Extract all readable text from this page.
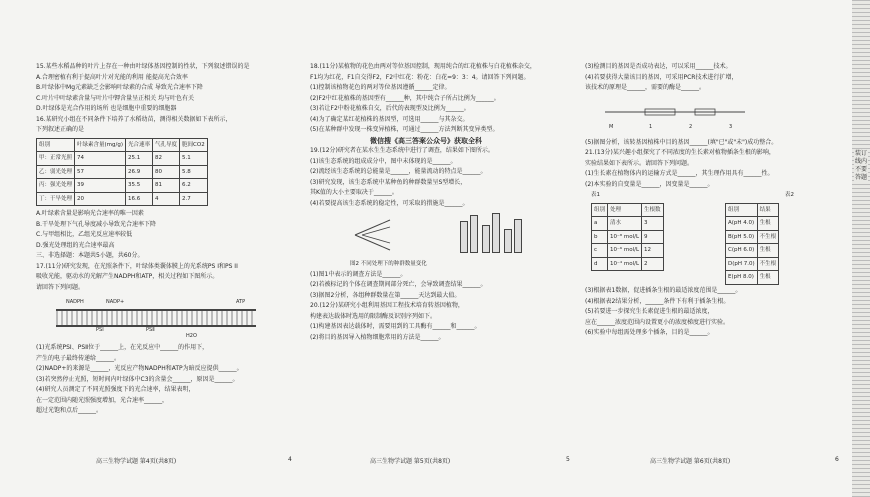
15.某些水稻品种的叶片上存在一种由叶绿体基因控制的性状，下列叙述错误的是
A.合理密植有利于提高叶片对光能的利用 能提高光合效率
B.叶绿体中Mg元素缺乏会影响叶绿素的合成 导致光合速率下降
C.叶片中叶绿素含量与叶片中钾含量呈正相关 均与叶色有关
D.叶绿体是光合作用的场所 也是细胞中重要的细胞器
16.某研究小组在不同条件下培养了水稻幼苗，测得相关数据如下表所示，
下列叙述正确的是
组别	叶绿素含量(mg/g)	光合速率	气孔导度	胞间CO2
甲：正常光照	74	25.1	82	5.1
乙：弱光处理	57	26.9	80	5.8
丙：强光处理	39	35.5	81	6.2
丁：干旱处理	20	16.6	4	2.7
A.叶绿素含量是影响光合速率的唯一因素
B.干旱处理下气孔导度减小导致光合速率下降
C.与甲组相比，乙组光反应速率较低
D.强光处理组的光合速率最高
三、非选择题：本题共5小题，共60分。
17.(11分)研究发现，在光照条件下，叶绿体类囊体膜上的光系统PS I和PS II
吸收光能，驱动水的光解产生NADPH和ATP，相关过程如下图所示。
请回答下列问题。
NADPH	NADP+
PSⅡ
PSⅠ
H2O
ATP
(1)光系统PSⅠ、PSⅡ位于______上，在光反应中______的作用下，
产生的电子最终传递给______。
(2)NADP+的来源是______，光反应产物NADPH和ATP为暗反应提供______。
(3)若突然停止光照，短时间内叶绿体中C3的含量会______，原因是______。
(4)研究人员测定了不同光照强度下的光合速率，结果表明，
在一定范围内随光照强度增加，光合速率______，
超过光饱和点后______。
高三生物学试题 第4页(共8页)	4
18.(11分)某植物的花色由两对等位基因控制，现用纯合的红花植株与白花植株杂交，
F1均为红花，F1自交得F2，F2中红花：粉花：白花=9：3：4。请回答下列问题。
(1)控制该植物花色的两对等位基因遵循______定律。
(2)F2中红花植株的基因型有______种，其中纯合子所占比例为______。
(3)若让F2中粉花植株自交，后代的表现型及比例为______。
(4)为了确定某红花植株的基因型，可选用______与其杂交。
(5)在某种群中发现一株变异植株，可通过______方法判断其变异类型。
微信搜《高三答案公众号》获取全科
19.(12分)研究者在某水生生态系统中进行了调查，结果如下图所示。
(1)该生态系统的组成成分中，图中未体现的是______。
(2)流经该生态系统的总能量是______，能量流动的特点是______。
(3)研究发现，该生态系统中某种鱼的种群数量呈S型增长，
其K值的大小主要取决于______。
(4)若要提高该生态系统的稳定性，可采取的措施是______。
图2 不同处理下的种群数量变化
(1)图1中表示的调查方法是______。
(2)若被标记的个体在调查期间部分死亡，会导致调查结果______。
(3)据图2分析，各组种群数量在第______天达到最大值。
20.(12分)某研究小组利用基因工程技术培育转基因植物，
构建表达载体时选用的限制酶及识别序列如下。
(1)构建基因表达载体时，需要用到的工具酶有______和______。
(2)将目的基因导入植物细胞常用的方法是______。
高三生物学试题 第5页(共8页)	5
(3)检测目的基因是否成功表达，可以采用______技术。
(4)若要获得大量该目的基因，可采用PCR技术进行扩增，
该技术的原理是______，需要的酶是______。
M	1	2	3
(5)据图分析，该转基因植株中目的基因______(填"已"或"未")成功整合。
21.(13分)某兴趣小组探究了不同浓度的生长素对植物插条生根的影响，
实验结果如下表所示。请回答下列问题。
(1)生长素在植物体内的运输方式是______，其生理作用具有______性。
(2)本实验的自变量是______，因变量是______。
表1
组别	处理	生根数
a	清水	3
b	10⁻⁸ mol/L	9
c	10⁻⁶ mol/L	12
d	10⁻⁴ mol/L	2
表2
组别	结果
A(pH 4.0)	生根
B(pH 5.0)	不生根
C(pH 6.0)	生根
D(pH 7.0)	不生根
E(pH 8.0)	生根
(3)根据表1数据，促进插条生根的最适浓度范围是______。
(4)根据表2结果分析，______条件下有利于插条生根。
(5)若要进一步探究生长素促进生根的最适浓度，
应在______浓度范围内设置更小的浓度梯度进行实验。
(6)实验中每组需处理多个插条，目的是______。
高三生物学试题 第6页(共8页)	6
装订线内不要答题
